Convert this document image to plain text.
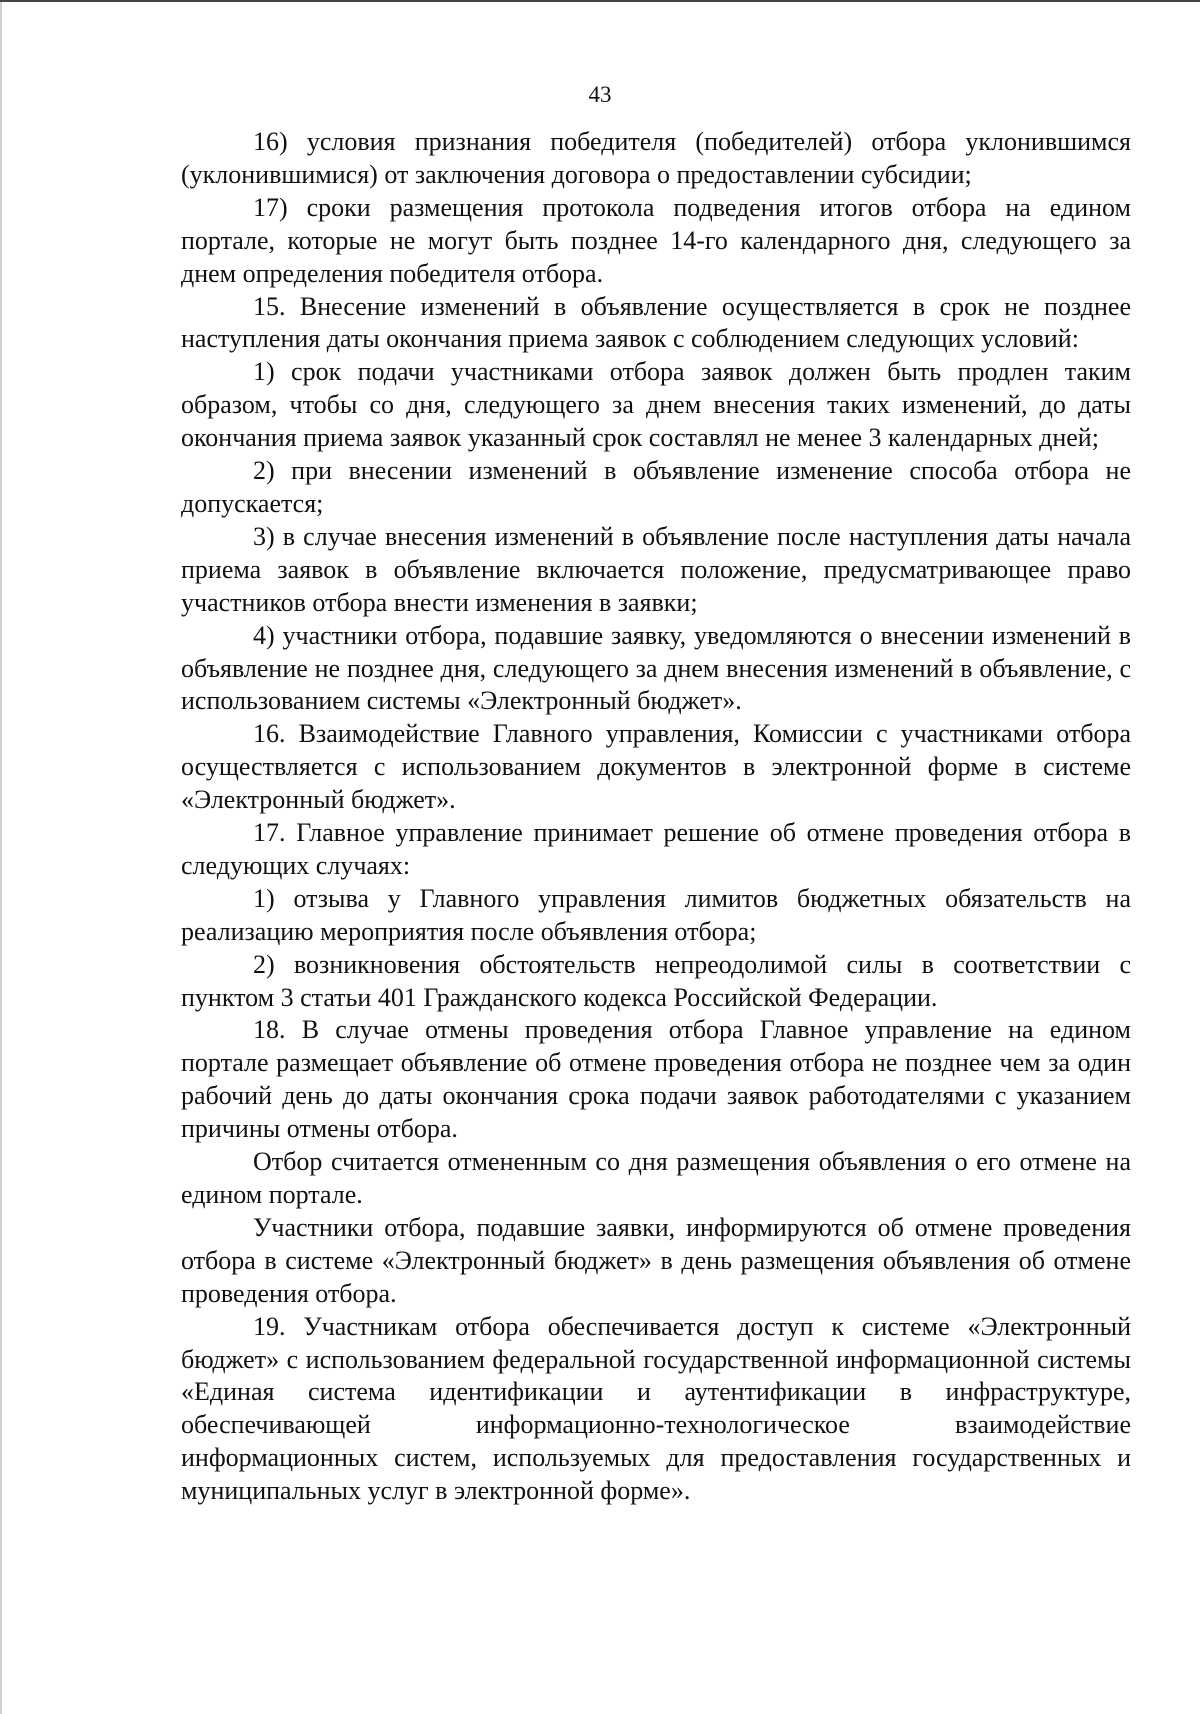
43

16) условия признания победителя (победителей) отбора уклонившимся (уклонившимися) от заключения договора о предоставлении субсидии;

17) сроки размещения протокола подведения итогов отбора на едином портале, которые не могут быть позднее 14-го календарного дня, следующего за днем определения победителя отбора.

15. Внесение изменений в объявление осуществляется в срок не позднее наступления даты окончания приема заявок с соблюдением следующих условий:

1) срок подачи участниками отбора заявок должен быть продлен таким образом, чтобы со дня, следующего за днем внесения таких изменений, до даты окончания приема заявок указанный срок составлял не менее 3 календарных дней;

2) при внесении изменений в объявление изменение способа отбора не допускается;

3) в случае внесения изменений в объявление после наступления даты начала приема заявок в объявление включается положение, предусматривающее право участников отбора внести изменения в заявки;

4) участники отбора, подавшие заявку, уведомляются о внесении изменений в объявление не позднее дня, следующего за днем внесения изменений в объявление, с использованием системы «Электронный бюджет».

16. Взаимодействие Главного управления, Комиссии с участниками отбора осуществляется с использованием документов в электронной форме в системе «Электронный бюджет».

17. Главное управление принимает решение об отмене проведения отбора в следующих случаях:

1) отзыва у Главного управления лимитов бюджетных обязательств на реализацию мероприятия после объявления отбора;

2) возникновения обстоятельств непреодолимой силы в соответствии с пунктом 3 статьи 401 Гражданского кодекса Российской Федерации.

18. В случае отмены проведения отбора Главное управление на едином портале размещает объявление об отмене проведения отбора не позднее чем за один рабочий день до даты окончания срока подачи заявок работодателями с указанием причины отмены отбора.

Отбор считается отмененным со дня размещения объявления о его отмене на едином портале.

Участники отбора, подавшие заявки, информируются об отмене проведения отбора в системе «Электронный бюджет» в день размещения объявления об отмене проведения отбора.

19. Участникам отбора обеспечивается доступ к системе «Электронный бюджет» с использованием федеральной государственной информационной системы «Единая система идентификации и аутентификации в инфраструктуре, обеспечивающей информационно-технологическое взаимодействие информационных систем, используемых для предоставления государственных и муниципальных услуг в электронной форме».
